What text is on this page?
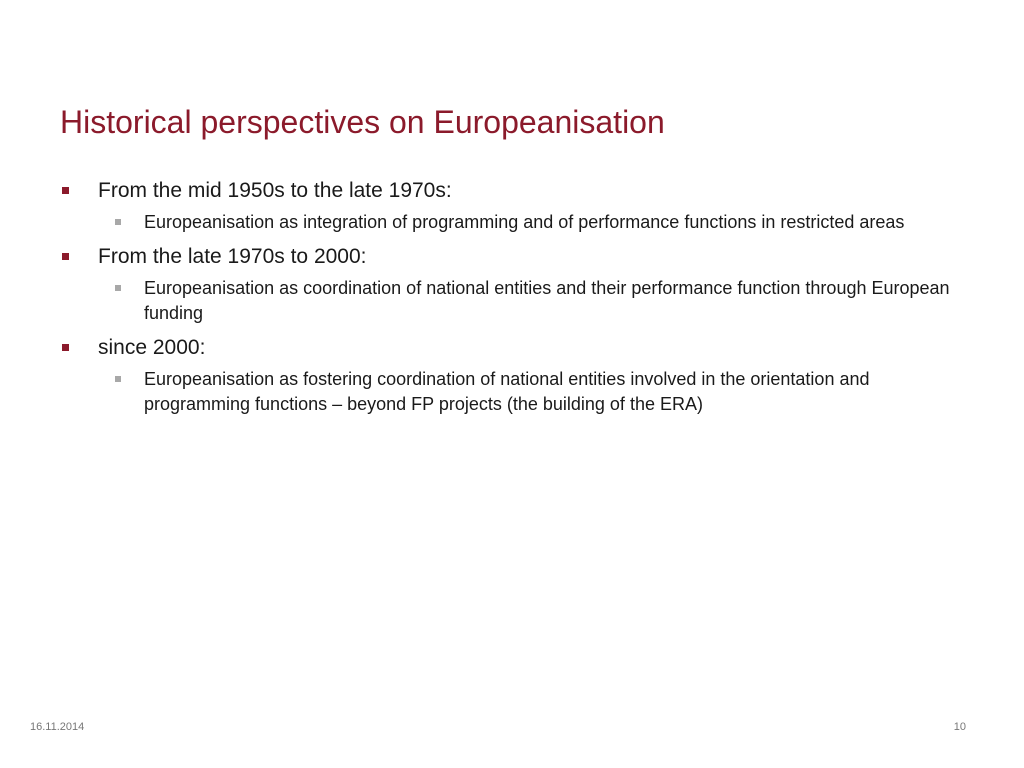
Historical perspectives on Europeanisation
From the mid 1950s to the late 1970s:
Europeanisation as integration of programming and of performance functions in restricted areas
From the late 1970s to 2000:
Europeanisation as coordination of national entities and their performance function through European funding
since 2000:
Europeanisation as fostering coordination of national entities involved in the orientation and programming functions – beyond FP projects (the building of the ERA)
16.11.2014	10
